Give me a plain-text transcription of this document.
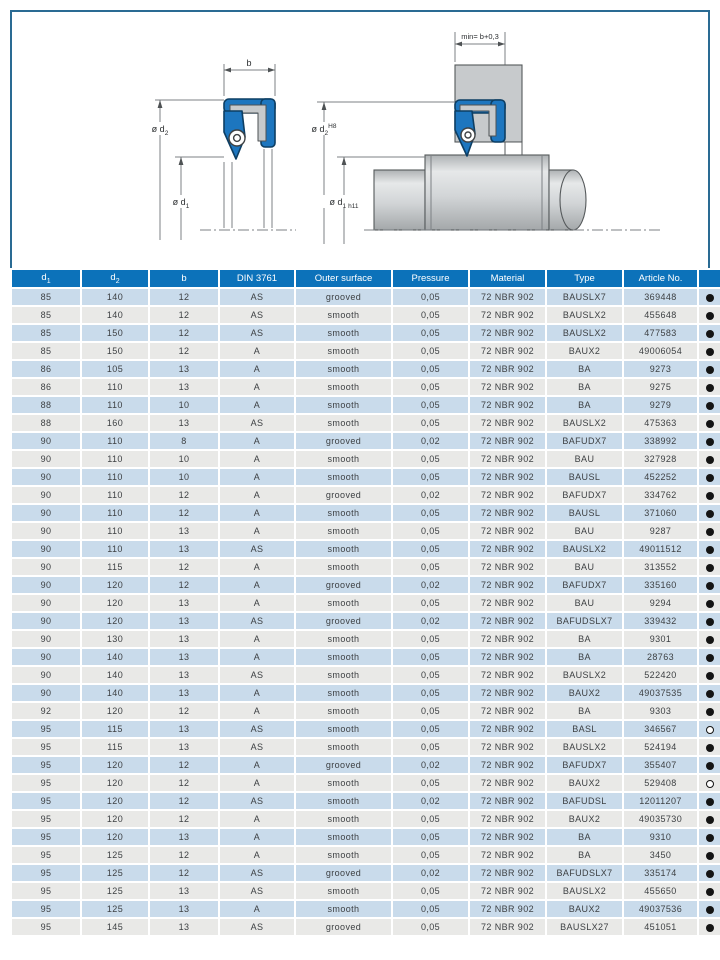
b
ø $d_2$
ø $d_1$
min= b+0,3
ø $d_2^{H8}$
ø $d_1$ h11
$d_1$	$d_2$	b	DIN 3761	Outer surface	Pressure	Material	Type	Article No.	
85	140	12	AS	grooved	0,05	72 NBR 902	BAUSLX7	369448	
85	140	12	AS	smooth	0,05	72 NBR 902	BAUSLX2	455648	
85	150	12	AS	smooth	0,05	72 NBR 902	BAUSLX2	477583	
85	150	12	A	smooth	0,05	72 NBR 902	BAUX2	49006054	
86	105	13	A	smooth	0,05	72 NBR 902	BA	9273	
86	110	13	A	smooth	0,05	72 NBR 902	BA	9275	
88	110	10	A	smooth	0,05	72 NBR 902	BA	9279	
88	160	13	AS	smooth	0,05	72 NBR 902	BAUSLX2	475363	
90	110	8	A	grooved	0,02	72 NBR 902	BAFUDX7	338992	
90	110	10	A	smooth	0,05	72 NBR 902	BAU	327928	
90	110	10	A	smooth	0,05	72 NBR 902	BAUSL	452252	
90	110	12	A	grooved	0,02	72 NBR 902	BAFUDX7	334762	
90	110	12	A	smooth	0,05	72 NBR 902	BAUSL	371060	
90	110	13	A	smooth	0,05	72 NBR 902	BAU	9287	
90	110	13	AS	smooth	0,05	72 NBR 902	BAUSLX2	49011512	
90	115	12	A	smooth	0,05	72 NBR 902	BAU	313552	
90	120	12	A	grooved	0,02	72 NBR 902	BAFUDX7	335160	
90	120	13	A	smooth	0,05	72 NBR 902	BAU	9294	
90	120	13	AS	grooved	0,02	72 NBR 902	BAFUDSLX7	339432	
90	130	13	A	smooth	0,05	72 NBR 902	BA	9301	
90	140	13	A	smooth	0,05	72 NBR 902	BA	28763	
90	140	13	AS	smooth	0,05	72 NBR 902	BAUSLX2	522420	
90	140	13	A	smooth	0,05	72 NBR 902	BAUX2	49037535	
92	120	12	A	smooth	0,05	72 NBR 902	BA	9303	
95	115	13	AS	smooth	0,05	72 NBR 902	BASL	346567	
95	115	13	AS	smooth	0,05	72 NBR 902	BAUSLX2	524194	
95	120	12	A	grooved	0,02	72 NBR 902	BAFUDX7	355407	
95	120	12	A	smooth	0,05	72 NBR 902	BAUX2	529408	
95	120	12	AS	smooth	0,02	72 NBR 902	BAFUDSL	12011207	
95	120	12	A	smooth	0,05	72 NBR 902	BAUX2	49035730	
95	120	13	A	smooth	0,05	72 NBR 902	BA	9310	
95	125	12	A	smooth	0,05	72 NBR 902	BA	3450	
95	125	12	AS	grooved	0,02	72 NBR 902	BAFUDSLX7	335174	
95	125	13	AS	smooth	0,05	72 NBR 902	BAUSLX2	455650	
95	125	13	A	smooth	0,05	72 NBR 902	BAUX2	49037536	
95	145	13	AS	grooved	0,05	72 NBR 902	BAUSLX27	451051	
